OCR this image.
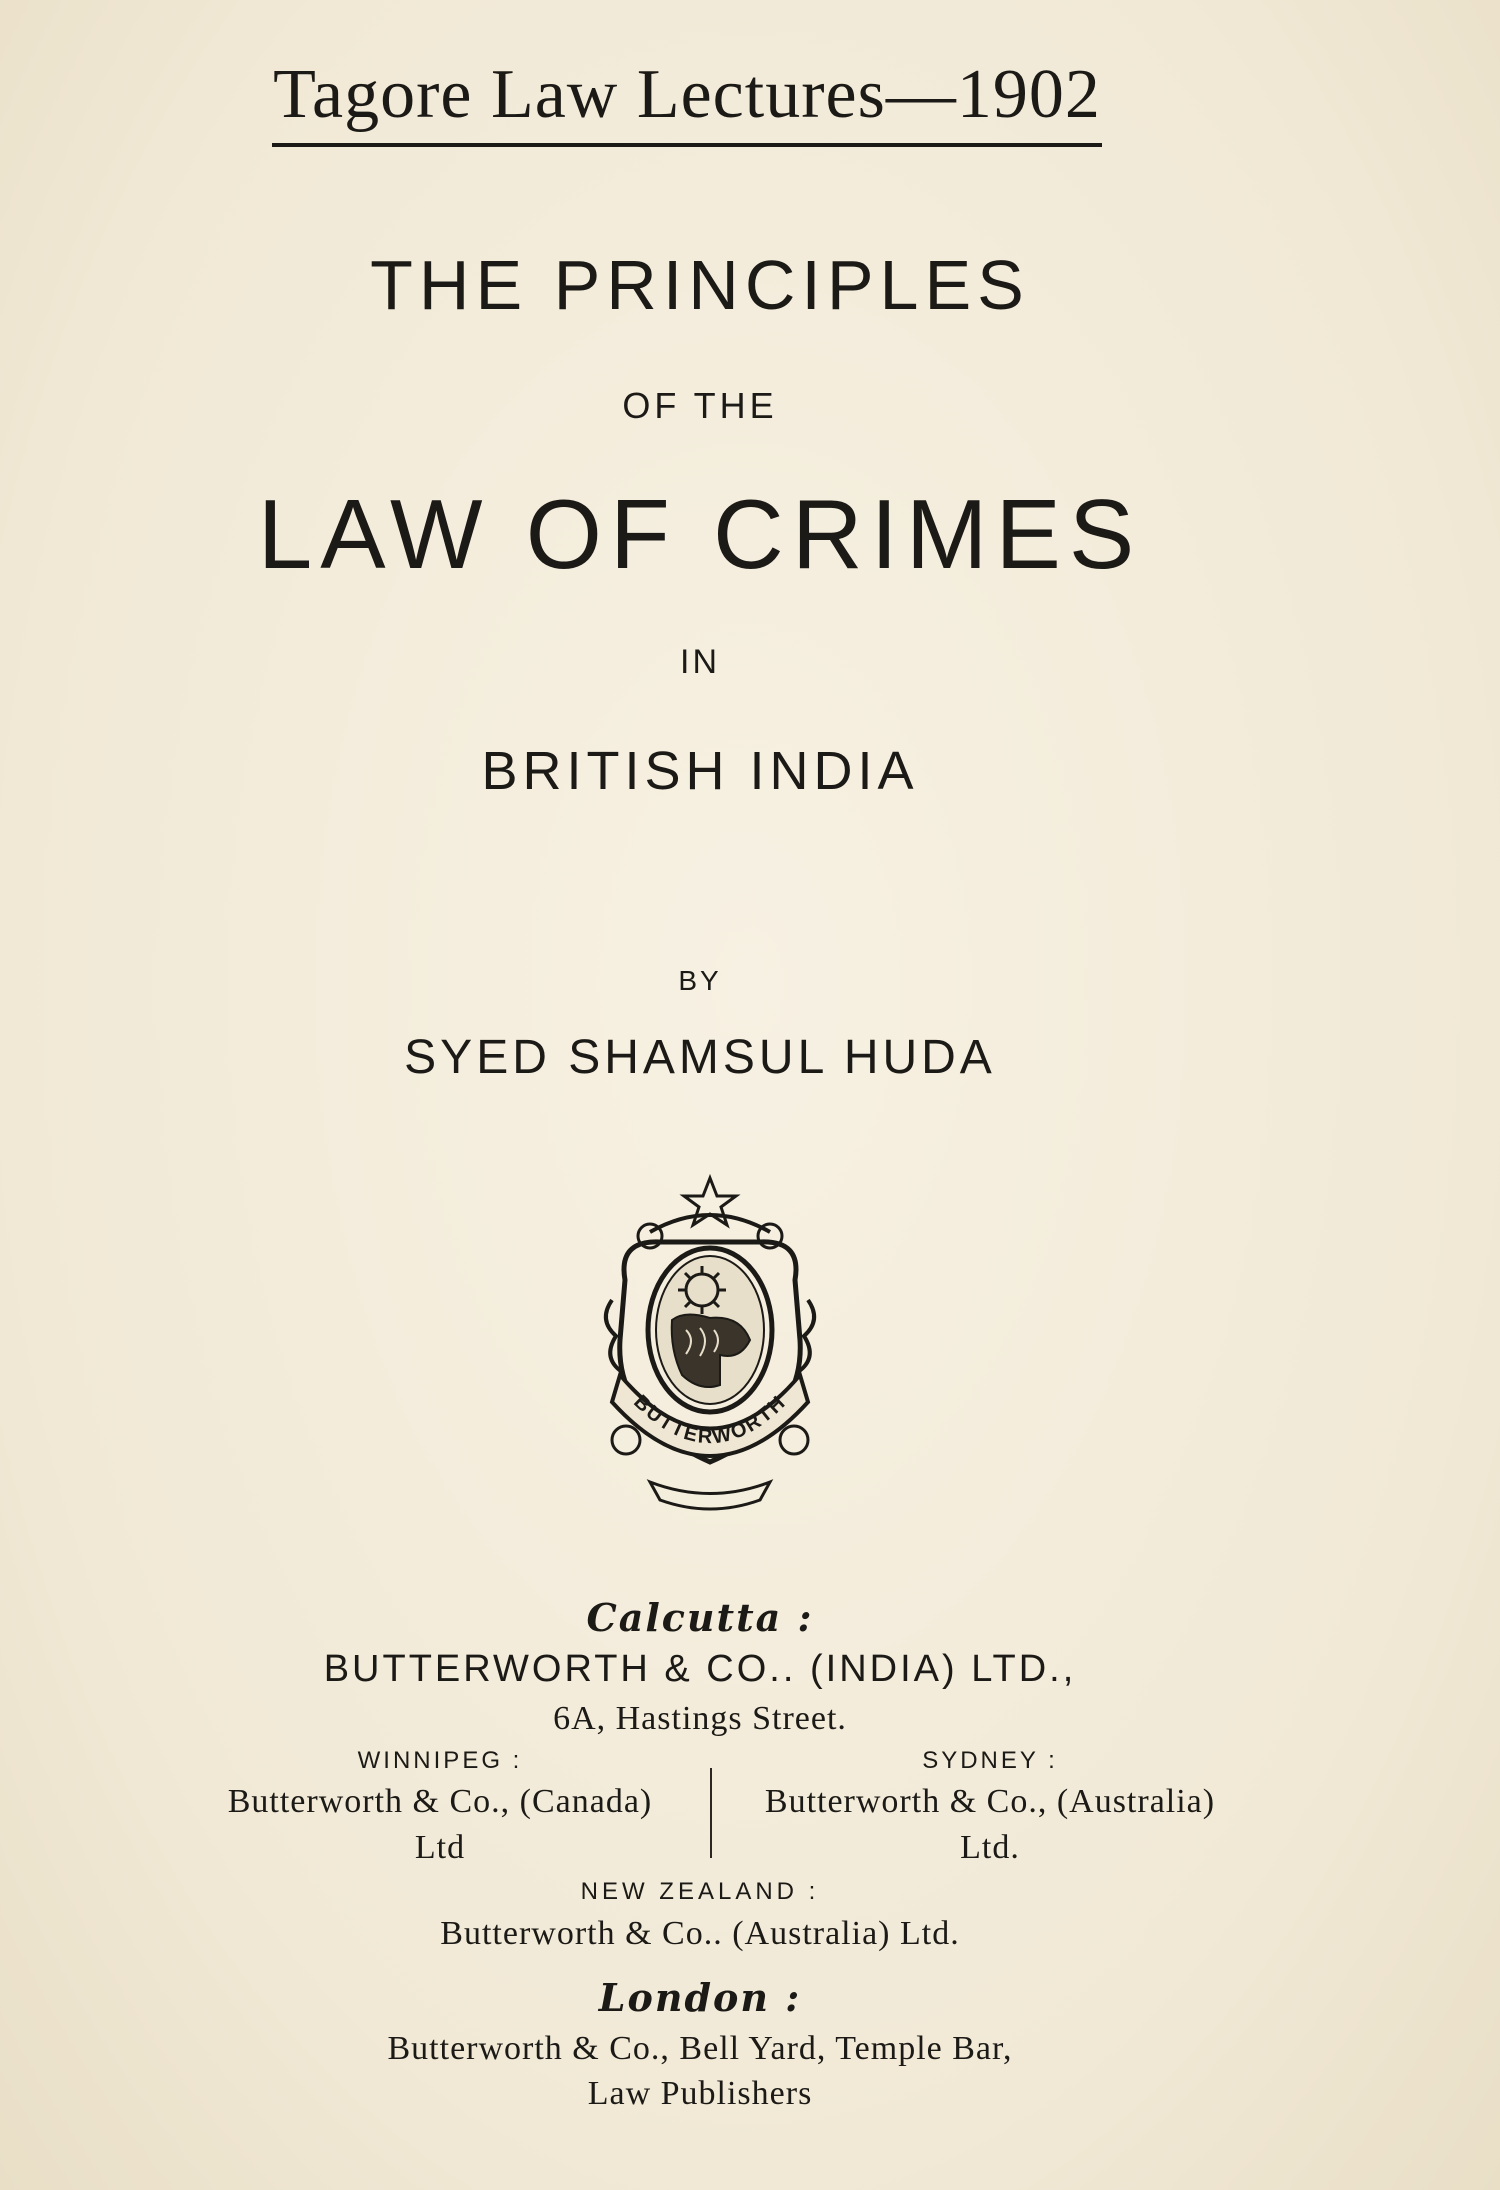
Tagore Law Lectures—1902
THE PRINCIPLES
OF THE
LAW OF CRIMES
IN
BRITISH INDIA
BY
SYED SHAMSUL HUDA
BUTTERWORTH
Calcutta :
BUTTERWORTH & CO.. (INDIA) LTD.,
6A, Hastings Street.
WINNIPEG :
Butterworth & Co., (Canada)
Ltd
SYDNEY :
Butterworth & Co., (Australia)
Ltd.
NEW ZEALAND :
Butterworth & Co.. (Australia) Ltd.
London :
Butterworth & Co., Bell Yard, Temple Bar,
Law Publishers
